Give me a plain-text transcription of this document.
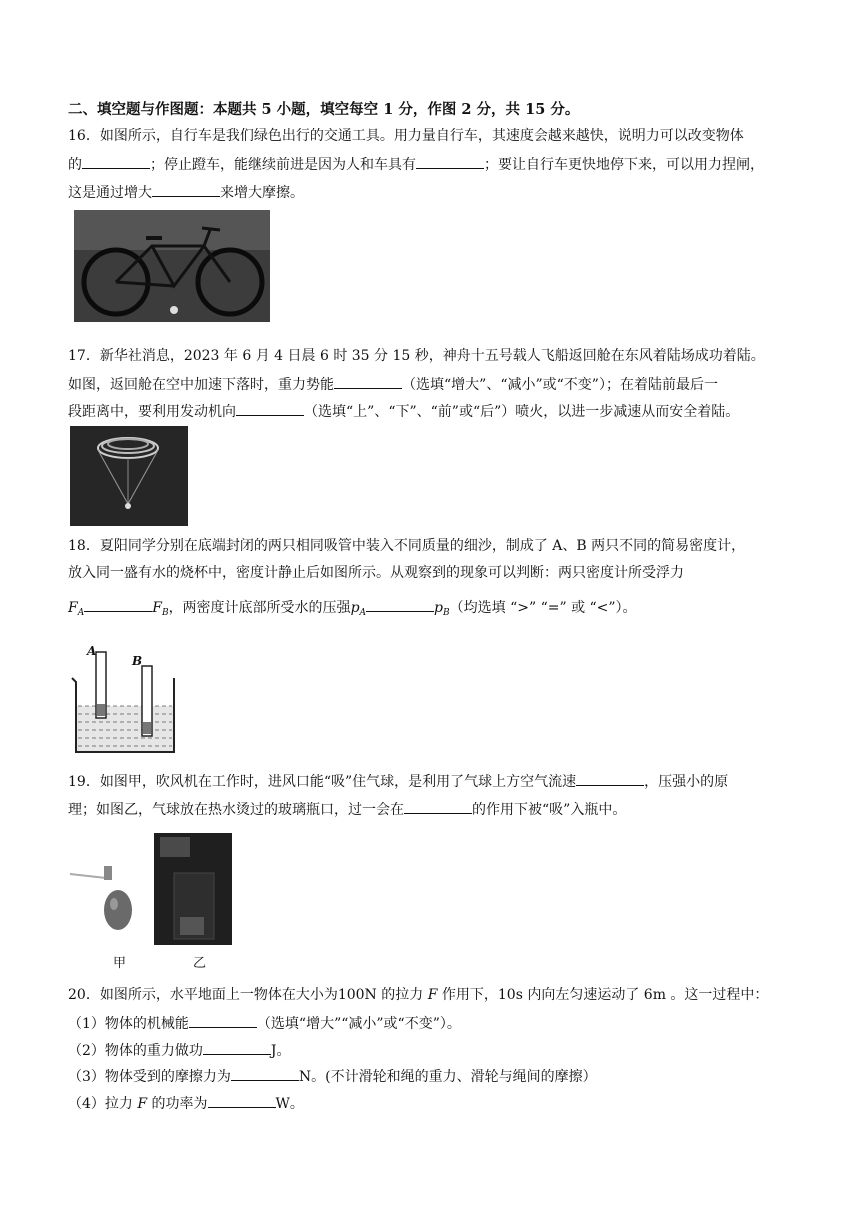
二、填空题与作图题：本题共 5 小题，填空每空 1 分，作图 2 分，共 15 分。
16．如图所示，自行车是我们绿色出行的交通工具。用力量自行车，其速度会越来越快，说明力可以改变物体
的	；停止蹬车，能继续前进是因为人和车具有	；要让自行车更快地停下来，可以用力捏闸，
这是通过增大	来增大摩擦。
17．新华社消息，2023 年 6 月 4 日晨 6 时 35 分 15 秒，神舟十五号载人飞船返回舱在东风着陆场成功着陆。
如图，返回舱在空中加速下落时，重力势能	（选填“增大”、“减小”或“不变”）；在着陆前最后一
段距离中，要利用发动机向	（选填“上”、“下”、“前”或“后”）喷火，以进一步减速从而安全着陆。
18．夏阳同学分别在底端封闭的两只相同吸管中装入不同质量的细沙，制成了 A、B 两只不同的简易密度计，
放入同一盛有水的烧杯中，密度计静止后如图所示。从观察到的现象可以判断：两只密度计所受浮力
$F_A$	$F_B$，两密度计底部所受水的压强$p_A$	$p_B$（均选填 “>” “=” 或 “<”）。
A
B
19．如图甲，吹风机在工作时，进风口能“吸”住气球，是利用了气球上方空气流速	，压强小的原
理；如图乙，气球放在热水烫过的玻璃瓶口，过一会在	的作用下被“吸”入瓶中。
甲	乙
20．如图所示，水平地面上一物体在大小为100N 的拉力 F 作用下，10s 内向左匀速运动了 6m 。这一过程中：
（1）物体的机械能	（选填“增大”“减小”或“不变”）。
（2）物体的重力做功	J。
（3）物体受到的摩擦力为	N。(不计滑轮和绳的重力、滑轮与绳间的摩擦）
（4）拉力 F 的功率为	W。
